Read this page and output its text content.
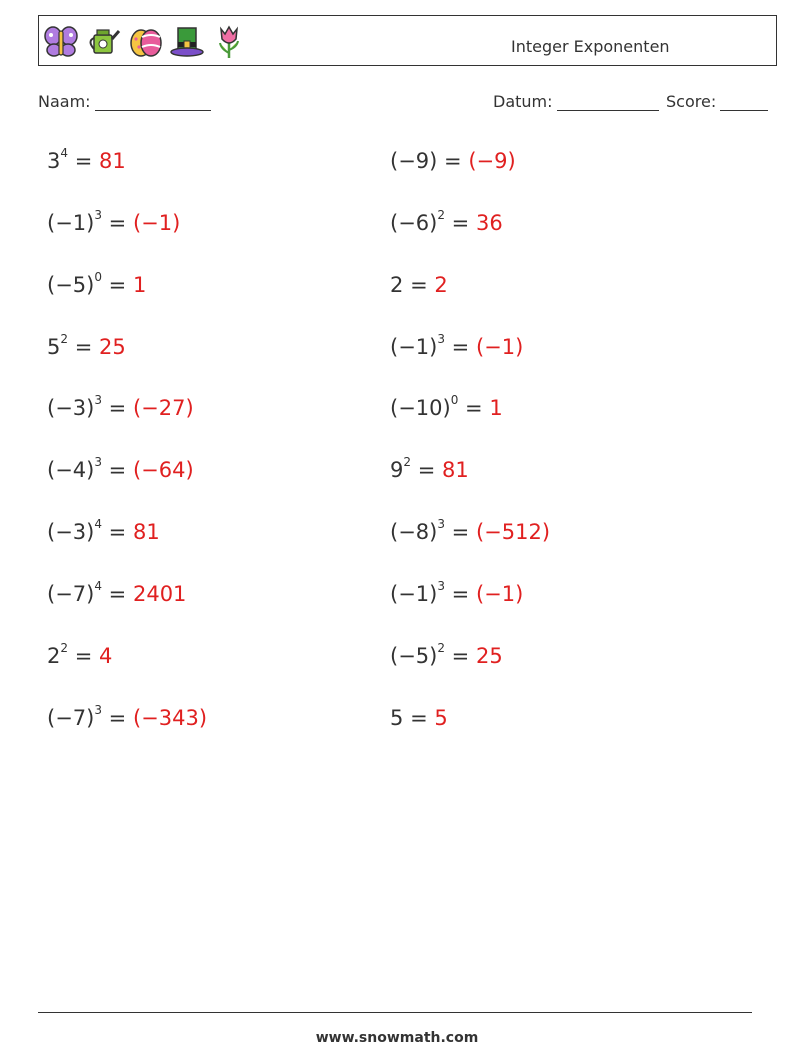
Integer Exponenten
Naam:	Datum:	Score:
$3^4 = 81$	(−9) = (−9)
$(-1)^3 = (-1)$	$(-6)^2 = 36$
$(-5)^0 = 1$	2 = 2
$5^2 = 25$	$(-1)^3 = (-1)$
$(-3)^3 = (-27)$	$(-10)^0 = 1$
$(-4)^3 = (-64)$	$9^2 = 81$
$(-3)^4 = 81$	$(-8)^3 = (-512)$
$(-7)^4 = 2401$	$(-1)^3 = (-1)$
$2^2 = 4$	$(-5)^2 = 25$
$(-7)^3 = (-343)$	5 = 5
www.snowmath.com
